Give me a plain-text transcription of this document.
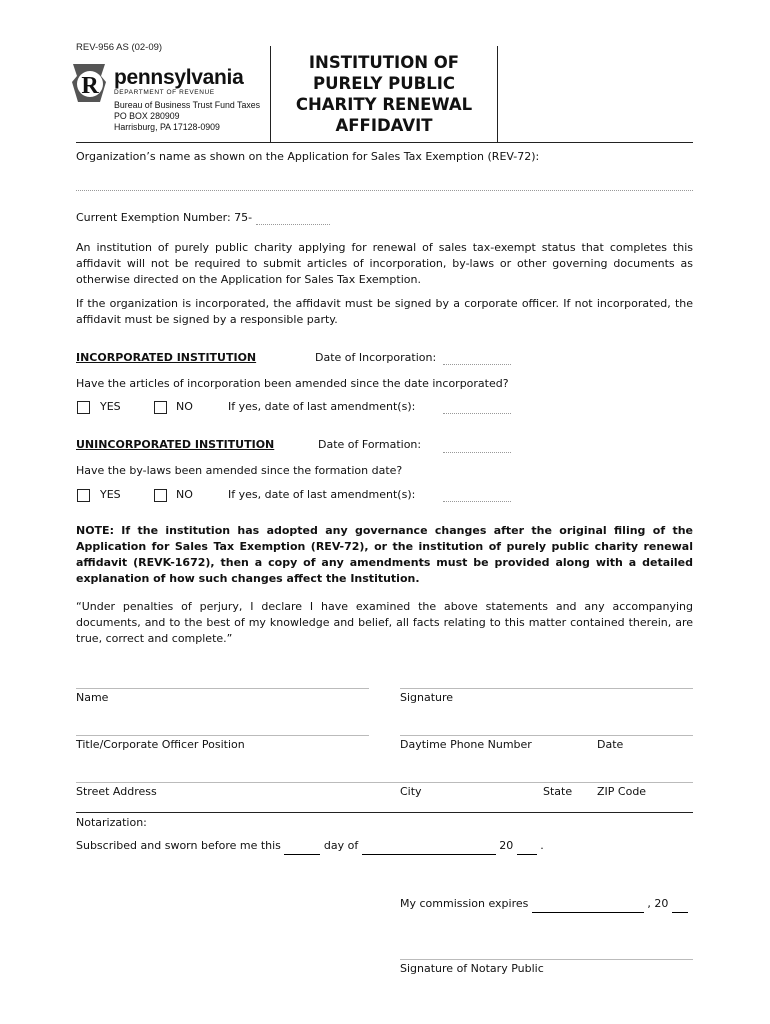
REV-956 AS (02-09)
R pennsylvania
DEPARTMENT OF REVENUE
Bureau of Business Trust Fund Taxes
PO BOX 280909
Harrisburg, PA 17128-0909
INSTITUTION OF
PURELY PUBLIC
CHARITY RENEWAL
AFFIDAVIT
Organization’s name as shown on the Application for Sales Tax Exemption (REV-72):
Current Exemption Number: 75-
An institution of purely public charity applying for renewal of sales tax-exempt status that completes this affidavit will not be required to submit articles of incorporation, by-laws or other governing documents as otherwise directed on the Application for Sales Tax Exemption.
If the organization is incorporated, the affidavit must be signed by a corporate officer. If not incorporated, the affidavit must be signed by a responsible party.
INCORPORATED INSTITUTION	Date of Incorporation:
Have the articles of incorporation been amended since the date incorporated?
YES	NO	If yes, date of last amendment(s):
UNINCORPORATED INSTITUTION	Date of Formation:
Have the by-laws been amended since the formation date?
YES	NO	If yes, date of last amendment(s):
NOTE: If the institution has adopted any governance changes after the original filing of the Application for Sales Tax Exemption (REV-72), or the institution of purely public charity renewal affidavit (REVK-1672), then a copy of any amendments must be provided along with a detailed explanation of how such changes affect the Institution.
“Under penalties of perjury, I declare I have examined the above statements and any accompanying documents, and to the best of my knowledge and belief, all facts relating to this matter contained therein, are true, correct and complete.”
Name	Signature
Title/Corporate Officer Position	Daytime Phone Number	Date
Street Address	City	State ZIP Code
Notarization:
Subscribed and sworn before me this	day of	20 .
My commission expires	, 20
Signature of Notary Public
